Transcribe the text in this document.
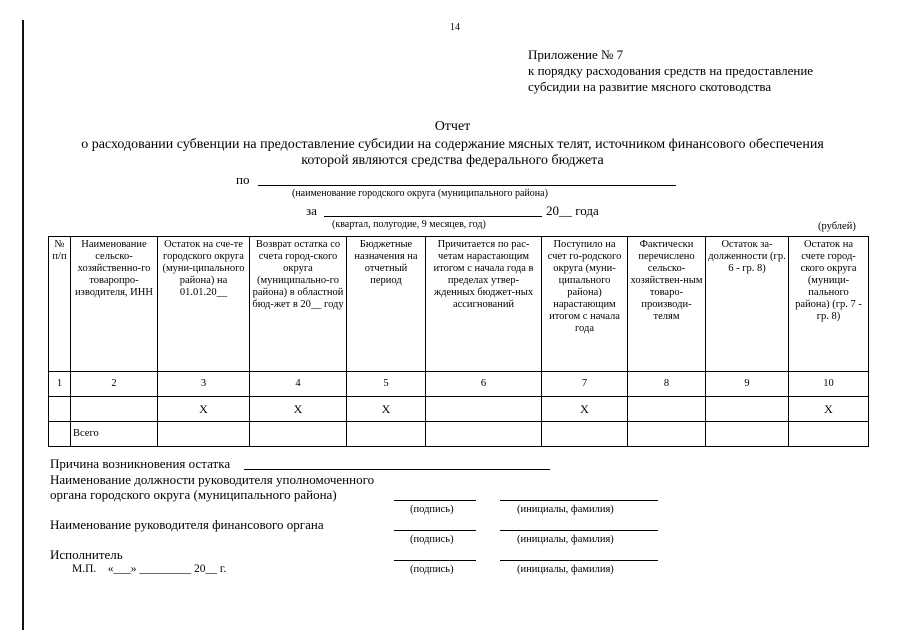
14
Приложение № 7
к порядку расходования средств на предоставление
субсидии на развитие мясного скотоводства
Отчет
о расходовании субвенции на предоставление субсидии на содержание мясных телят, источником финансового обеспечения
которой являются средства федерального бюджета
по
(наименование городского округа (муниципального района)
за	20__ года
(квартал, полугодие, 9 месяцев, год)	(рублей)
№ п/п	Наименование сельско-хозяйственно-го товаропро-изводителя, ИНН	Остаток на сче-те городского округа (муни-ципального района) на 01.01.20__	Возврат остатка со счета город-ского округа (муниципально-го района) в областной бюд-жет в 20__ году	Бюджетные назначения на отчетный период	Причитается по рас-четам нарастающим итогом с начала года в пределах утвер-жденных бюджет-ных ассигнований	Поступило на счет го-родского округа (муни-ципального района) нарастающим итогом с начала года	Фактически перечислено сельско-хозяйствен-ным товаро-производи-телям	Остаток за-долженности (гр. 6 - гр. 8)	Остаток на счете город-ского округа (муници-пального района) (гр. 7 - гр. 8)
1	2	3	4	5	6	7	8	9	10
		X	X	X		X			X
	Всего								
Причина возникновения остатка
Наименование должности руководителя уполномоченного
органа городского округа (муниципального района)
(подпись)	(инициалы, фамилия)
Наименование руководителя финансового органа
(подпись)	(инициалы, фамилия)
Исполнитель
М.П.    «___» _________ 20__ г.	(подпись)	(инициалы, фамилия)
